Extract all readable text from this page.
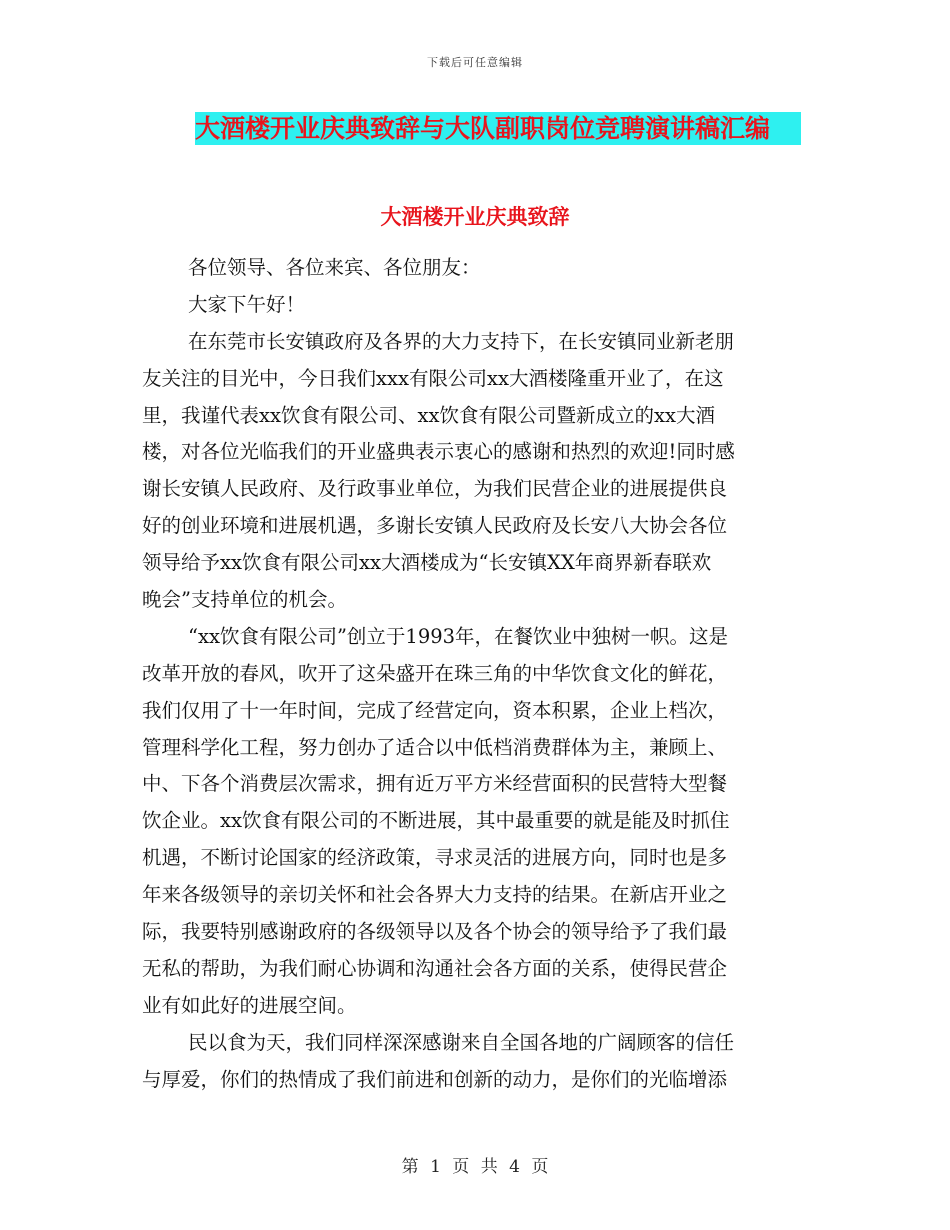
下载后可任意编辑
大酒楼开业庆典致辞与大队副职岗位竞聘演讲稿汇编
大酒楼开业庆典致辞
各位领导、各位来宾、各位朋友：
大家下午好！
在东莞市长安镇政府及各界的大力支持下，在长安镇同业新老朋
友关注的目光中，今日我们xxx有限公司xx大酒楼隆重开业了，在这
里，我谨代表xx饮食有限公司、xx饮食有限公司暨新成立的xx大酒
楼，对各位光临我们的开业盛典表示衷心的感谢和热烈的欢迎!同时感
谢长安镇人民政府、及行政事业单位，为我们民营企业的进展提供良
好的创业环境和进展机遇，多谢长安镇人民政府及长安八大协会各位
领导给予xx饮食有限公司xx大酒楼成为“长安镇XX年商界新春联欢
晚会”支持单位的机会。
“xx饮食有限公司”创立于1993年，在餐饮业中独树一帜。这是
改革开放的春风，吹开了这朵盛开在珠三角的中华饮食文化的鲜花，
我们仅用了十一年时间，完成了经营定向，资本积累，企业上档次，
管理科学化工程，努力创办了适合以中低档消费群体为主，兼顾上、
中、下各个消费层次需求，拥有近万平方米经营面积的民营特大型餐
饮企业。xx饮食有限公司的不断进展，其中最重要的就是能及时抓住
机遇，不断讨论国家的经济政策，寻求灵活的进展方向，同时也是多
年来各级领导的亲切关怀和社会各界大力支持的结果。在新店开业之
际，我要特别感谢政府的各级领导以及各个协会的领导给予了我们最
无私的帮助，为我们耐心协调和沟通社会各方面的关系，使得民营企
业有如此好的进展空间。
民以食为天，我们同样深深感谢来自全国各地的广阔顾客的信任
与厚爱，你们的热情成了我们前进和创新的动力，是你们的光临增添
第 1 页 共 4 页
